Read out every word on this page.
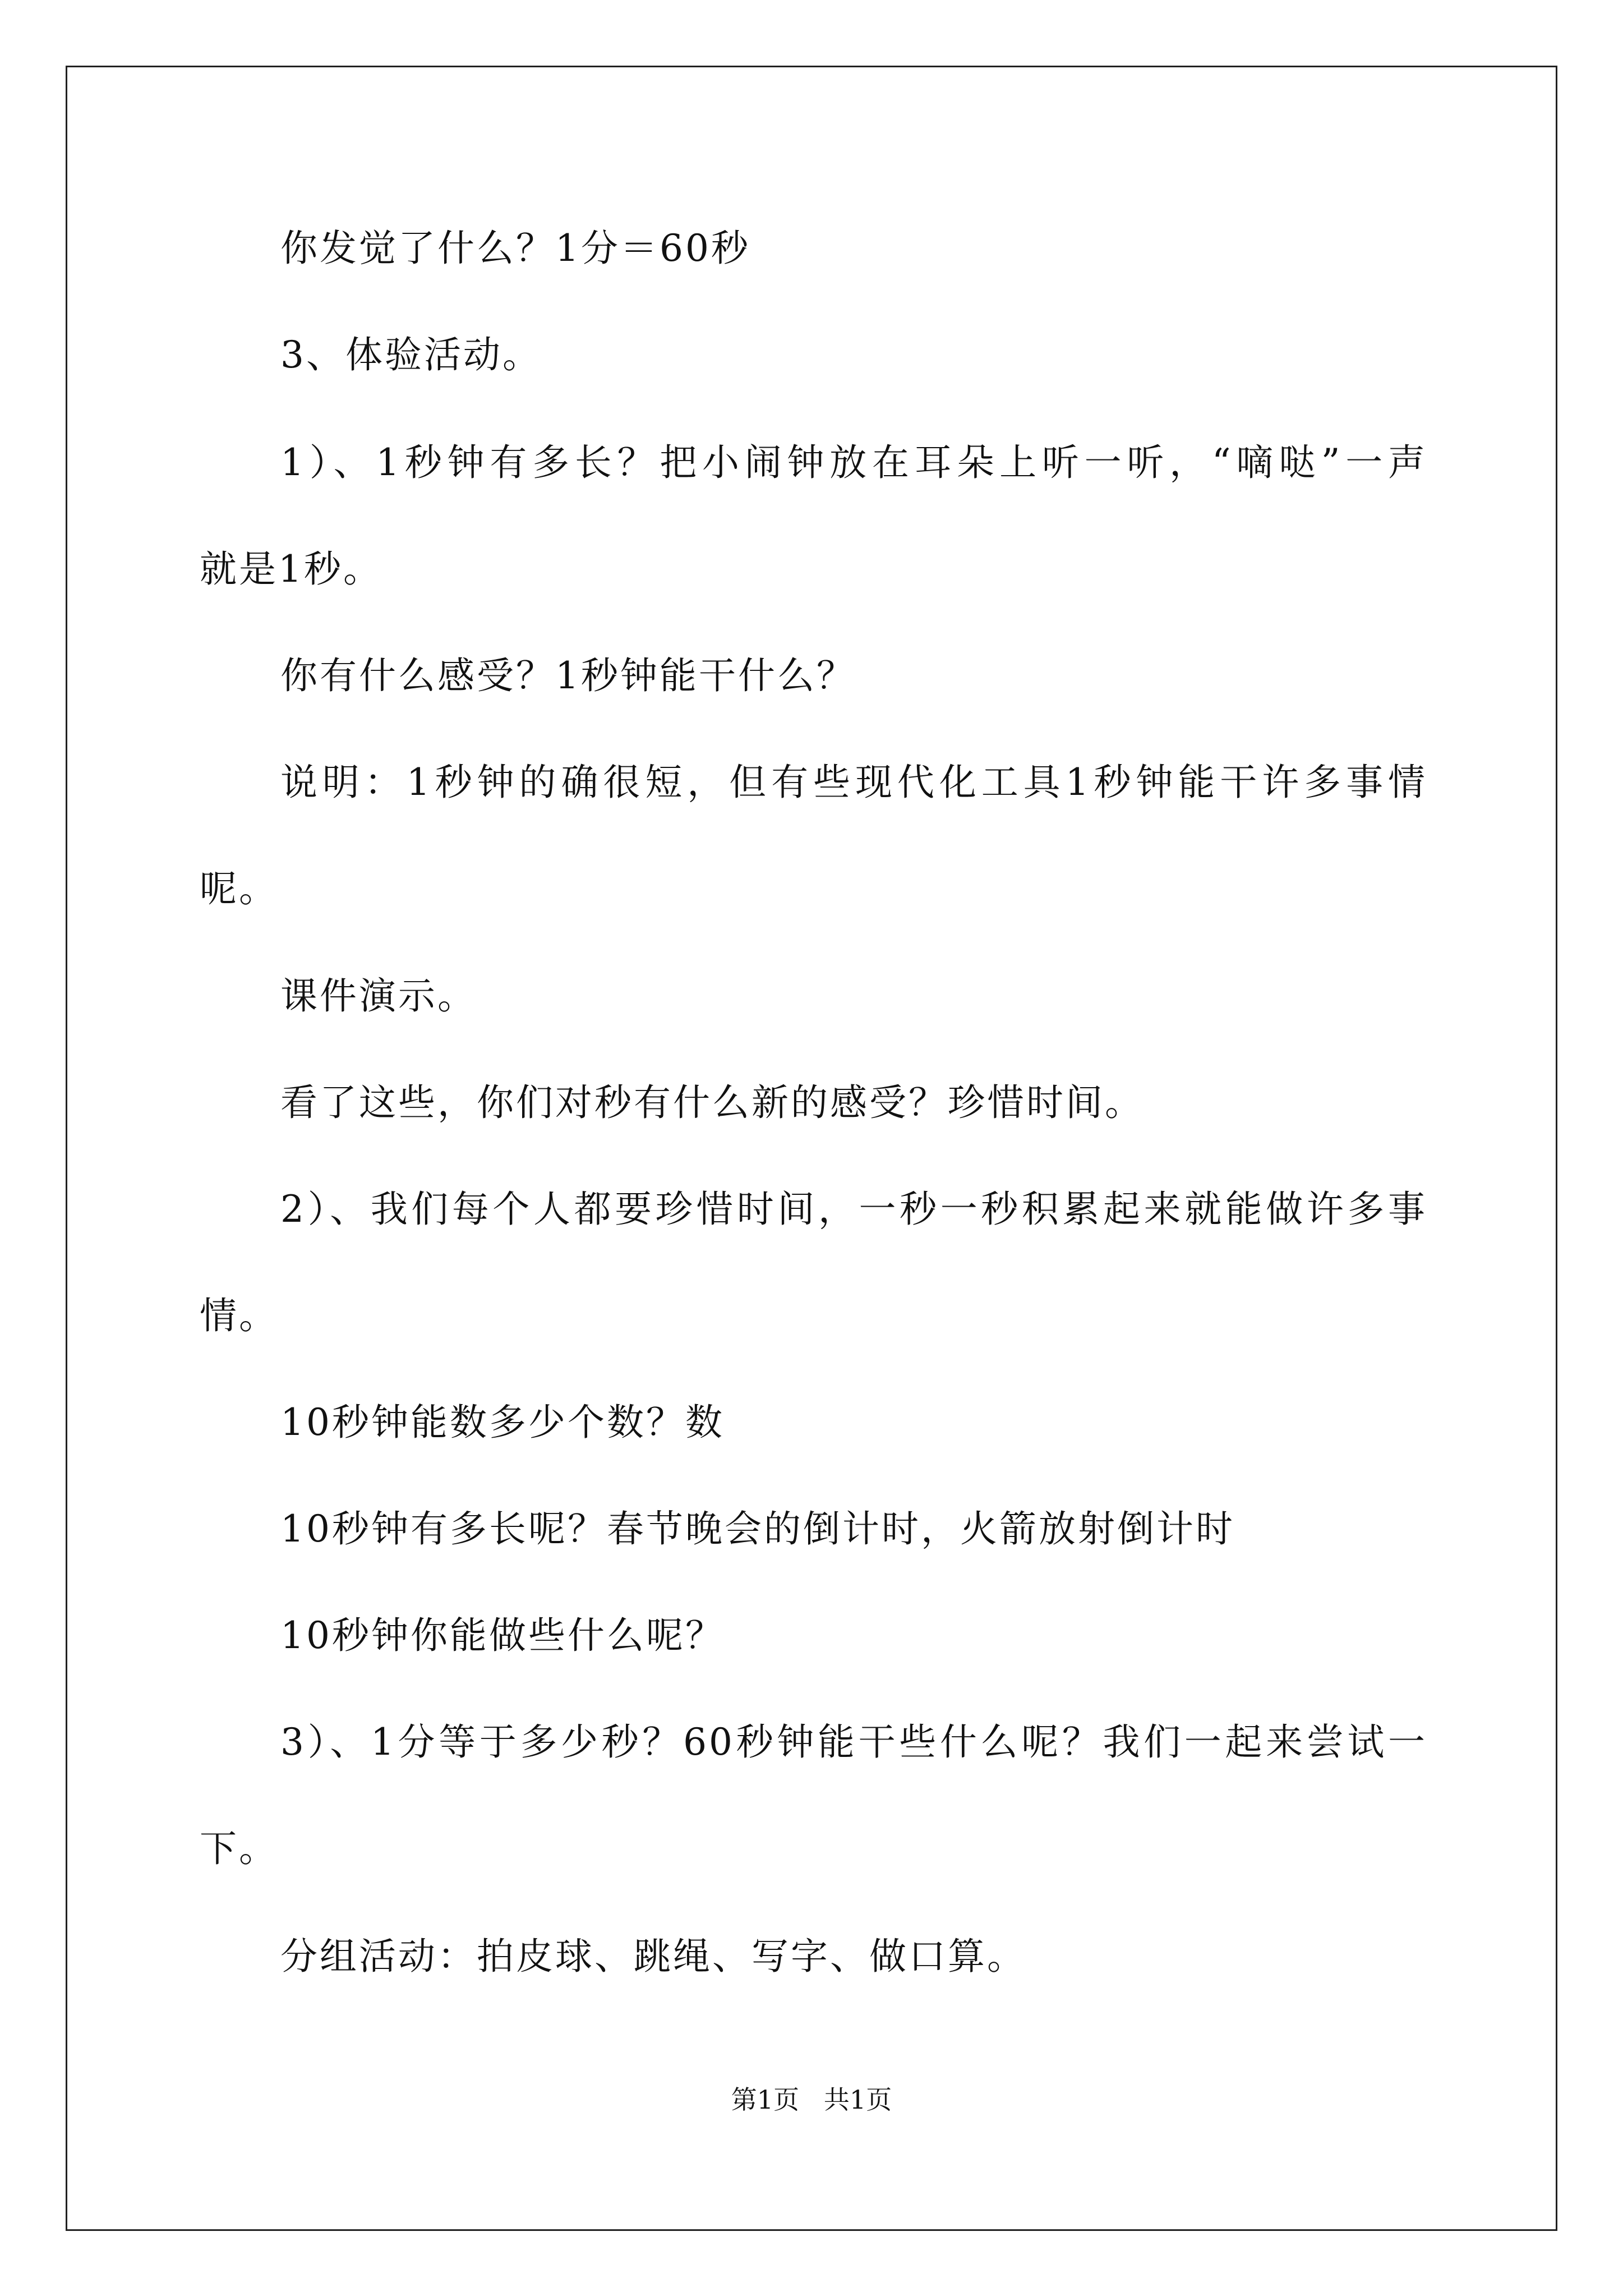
你发觉了什么？1分＝60秒
3、体验活动。
1）、1秒钟有多长？把小闹钟放在耳朵上听一听，“嘀哒”一声
就是1秒。
你有什么感受？1秒钟能干什么？
说明：1秒钟的确很短，但有些现代化工具1秒钟能干许多事情
呢。
课件演示。
看了这些，你们对秒有什么新的感受？珍惜时间。
2）、我们每个人都要珍惜时间，一秒一秒积累起来就能做许多事
情。
10秒钟能数多少个数？数
10秒钟有多长呢？春节晚会的倒计时，火箭放射倒计时
10秒钟你能做些什么呢？
3）、1分等于多少秒？60秒钟能干些什么呢？我们一起来尝试一
下。
分组活动：拍皮球、跳绳、写字、做口算。
第1页   共1页
